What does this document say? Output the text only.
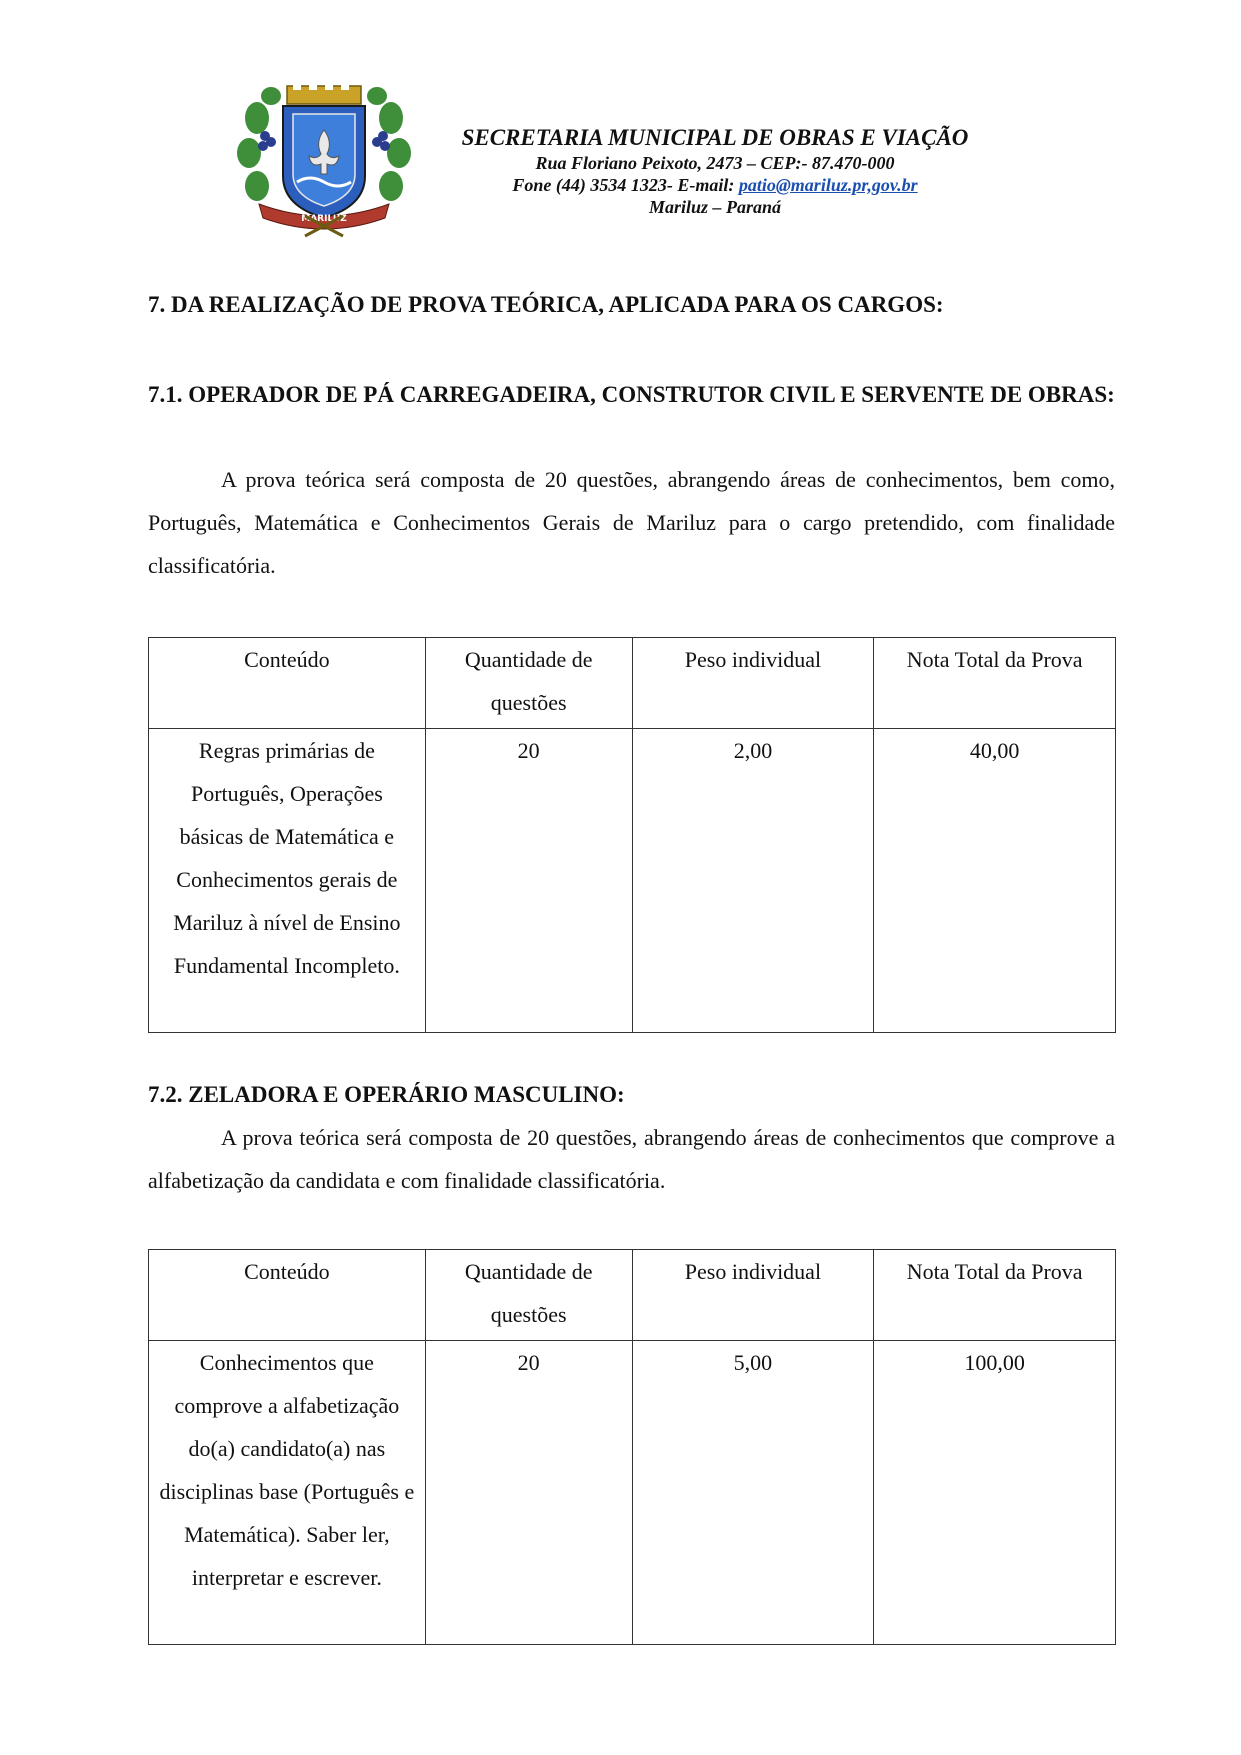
MARILUZ
SECRETARIA MUNICIPAL DE OBRAS E VIAÇÃO
Rua Floriano Peixoto, 2473 – CEP:- 87.470-000
Fone (44) 3534 1323- E-mail: patio@mariluz.pr,gov.br
Mariluz – Paraná
7. DA REALIZAÇÃO DE PROVA TEÓRICA, APLICADA PARA OS CARGOS:
7.1. OPERADOR DE PÁ CARREGADEIRA, CONSTRUTOR CIVIL E SERVENTE DE OBRAS:
A prova teórica será composta de 20 questões, abrangendo áreas de conhecimentos, bem como, Português, Matemática e Conhecimentos Gerais de Mariluz para o cargo pretendido, com finalidade classificatória.
Conteúdo	Quantidade de questões	Peso individual	Nota Total da Prova
Regras primárias de Português, Operações básicas de Matemática e Conhecimentos gerais de Mariluz à nível de Ensino Fundamental Incompleto.	20	2,00	40,00
7.2. ZELADORA E OPERÁRIO MASCULINO:
A prova teórica será composta de 20 questões, abrangendo áreas de conhecimentos que comprove a alfabetização da candidata e com finalidade classificatória.
Conteúdo	Quantidade de questões	Peso individual	Nota Total da Prova
Conhecimentos que comprove a alfabetização do(a) candidato(a) nas disciplinas base (Português e Matemática). Saber ler, interpretar e escrever.	20	5,00	100,00
